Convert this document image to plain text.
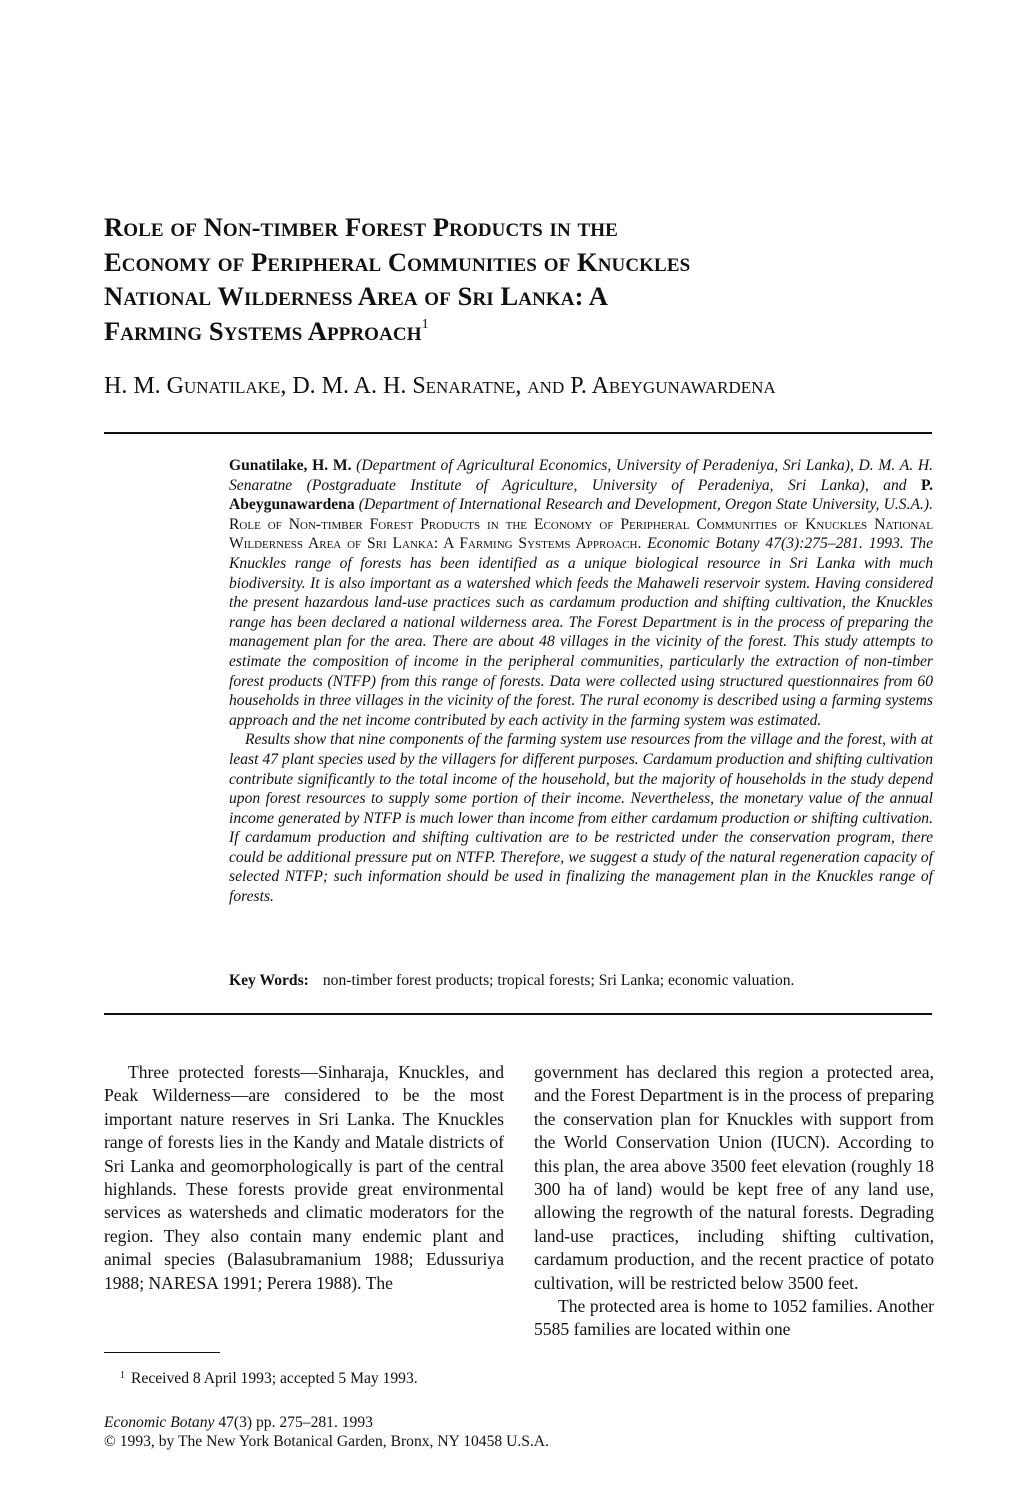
Role of Non-timber Forest Products in the
Economy of Peripheral Communities of Knuckles
National Wilderness Area of Sri Lanka: A
Farming Systems Approach$^1$
H. M. Gunatilake, D. M. A. H. Senaratne, and P. Abeygunawardena

Gunatilake, H. M. (Department of Agricultural Economics, University of Peradeniya, Sri Lanka), D. M. A. H. Senaratne (Postgraduate Institute of Agriculture, University of Peradeniya, Sri Lanka), and P. Abeygunawardena (Department of International Research and Development, Oregon State University, U.S.A.). Role of Non-timber Forest Products in the Economy of Peripheral Communities of Knuckles National Wilderness Area of Sri Lanka: A Farming Systems Approach. Economic Botany 47(3):275–281. 1993. The Knuckles range of forests has been identified as a unique biological resource in Sri Lanka with much biodiversity. It is also important as a watershed which feeds the Mahaweli reservoir system. Having considered the present hazardous land-use practices such as cardamum production and shifting cultivation, the Knuckles range has been declared a national wilderness area. The Forest Department is in the process of preparing the management plan for the area. There are about 48 villages in the vicinity of the forest. This study attempts to estimate the composition of income in the peripheral communities, particularly the extraction of non-timber forest products (NTFP) from this range of forests. Data were collected using structured questionnaires from 60 households in three villages in the vicinity of the forest. The rural economy is described using a farming systems approach and the net income contributed by each activity in the farming system was estimated.

Results show that nine components of the farming system use resources from the village and the forest, with at least 47 plant species used by the villagers for different purposes. Cardamum production and shifting cultivation contribute significantly to the total income of the household, but the majority of households in the study depend upon forest resources to supply some portion of their income. Nevertheless, the monetary value of the annual income generated by NTFP is much lower than income from either cardamum production or shifting cultivation. If cardamum production and shifting cultivation are to be restricted under the conservation program, there could be additional pressure put on NTFP. Therefore, we suggest a study of the natural regeneration capacity of selected NTFP; such information should be used in finalizing the management plan in the Knuckles range of forests.

Key Words: non-timber forest products; tropical forests; Sri Lanka; economic valuation.

Three protected forests—Sinharaja, Knuckles, and Peak Wilderness—are considered to be the most important nature reserves in Sri Lanka. The Knuckles range of forests lies in the Kandy and Matale districts of Sri Lanka and geomorphologically is part of the central highlands. These forests provide great environmental services as watersheds and climatic moderators for the region. They also contain many endemic plant and animal species (Balasubramanium 1988; Edussuriya 1988; NARESA 1991; Perera 1988). The

government has declared this region a protected area, and the Forest Department is in the process of preparing the conservation plan for Knuckles with support from the World Conservation Union (IUCN). According to this plan, the area above 3500 feet elevation (roughly 18 300 ha of land) would be kept free of any land use, allowing the regrowth of the natural forests. Degrading land-use practices, including shifting cultivation, cardamum production, and the recent practice of potato cultivation, will be restricted below 3500 feet.

The protected area is home to 1052 families. Another 5585 families are located within one

$^1$ Received 8 April 1993; accepted 5 May 1993.
Economic Botany 47(3) pp. 275–281. 1993
© 1993, by The New York Botanical Garden, Bronx, NY 10458 U.S.A.
